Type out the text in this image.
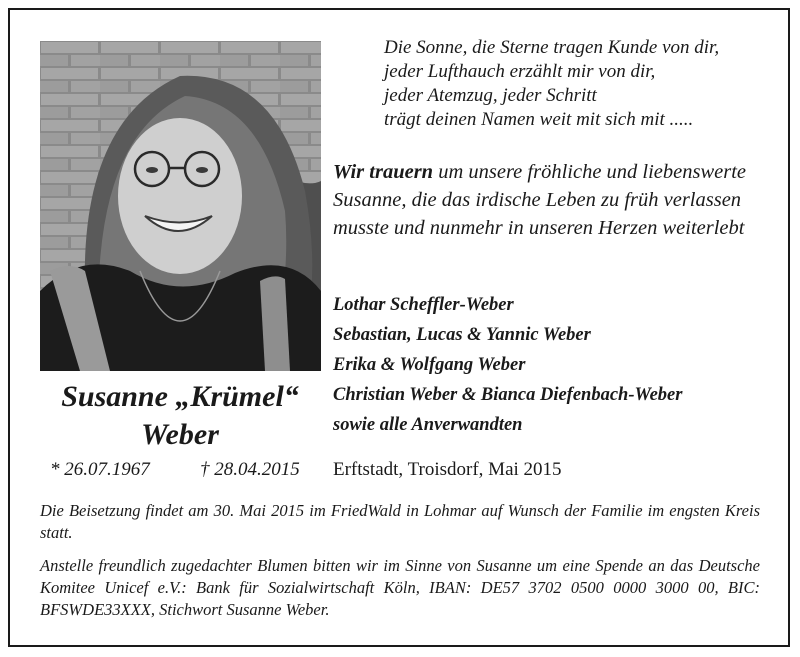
Die Sonne, die Sterne tragen Kunde von dir,
jeder Lufthauch erzählt mir von dir,
jeder Atemzug, jeder Schritt
trägt deinen Namen weit mit sich mit .....
Wir trauern um unsere fröhliche und liebenswerte Susanne, die das irdische Leben zu früh verlassen musste und nunmehr in unseren Herzen weiterlebt
Lothar Scheffler-Weber
Sebastian, Lucas & Yannic Weber
Erika & Wolfgang Weber
Christian Weber & Bianca Diefenbach-Weber
sowie alle Anverwandten
Susanne „Krümel“
Weber
* 26.07.1967	† 28.04.2015 Erftstadt, Troisdorf, Mai 2015
Die Beisetzung findet am 30. Mai 2015 im FriedWald in Lohmar auf Wunsch der Familie im engsten Kreis statt.
Anstelle freundlich zugedachter Blumen bitten wir im Sinne von Susanne um eine Spende an das Deutsche Komitee Unicef e.V.: Bank für Sozialwirtschaft Köln, IBAN: DE57 3702 0500 0000 3000 00, BIC: BFSWDE33XXX, Stichwort Susanne Weber.
